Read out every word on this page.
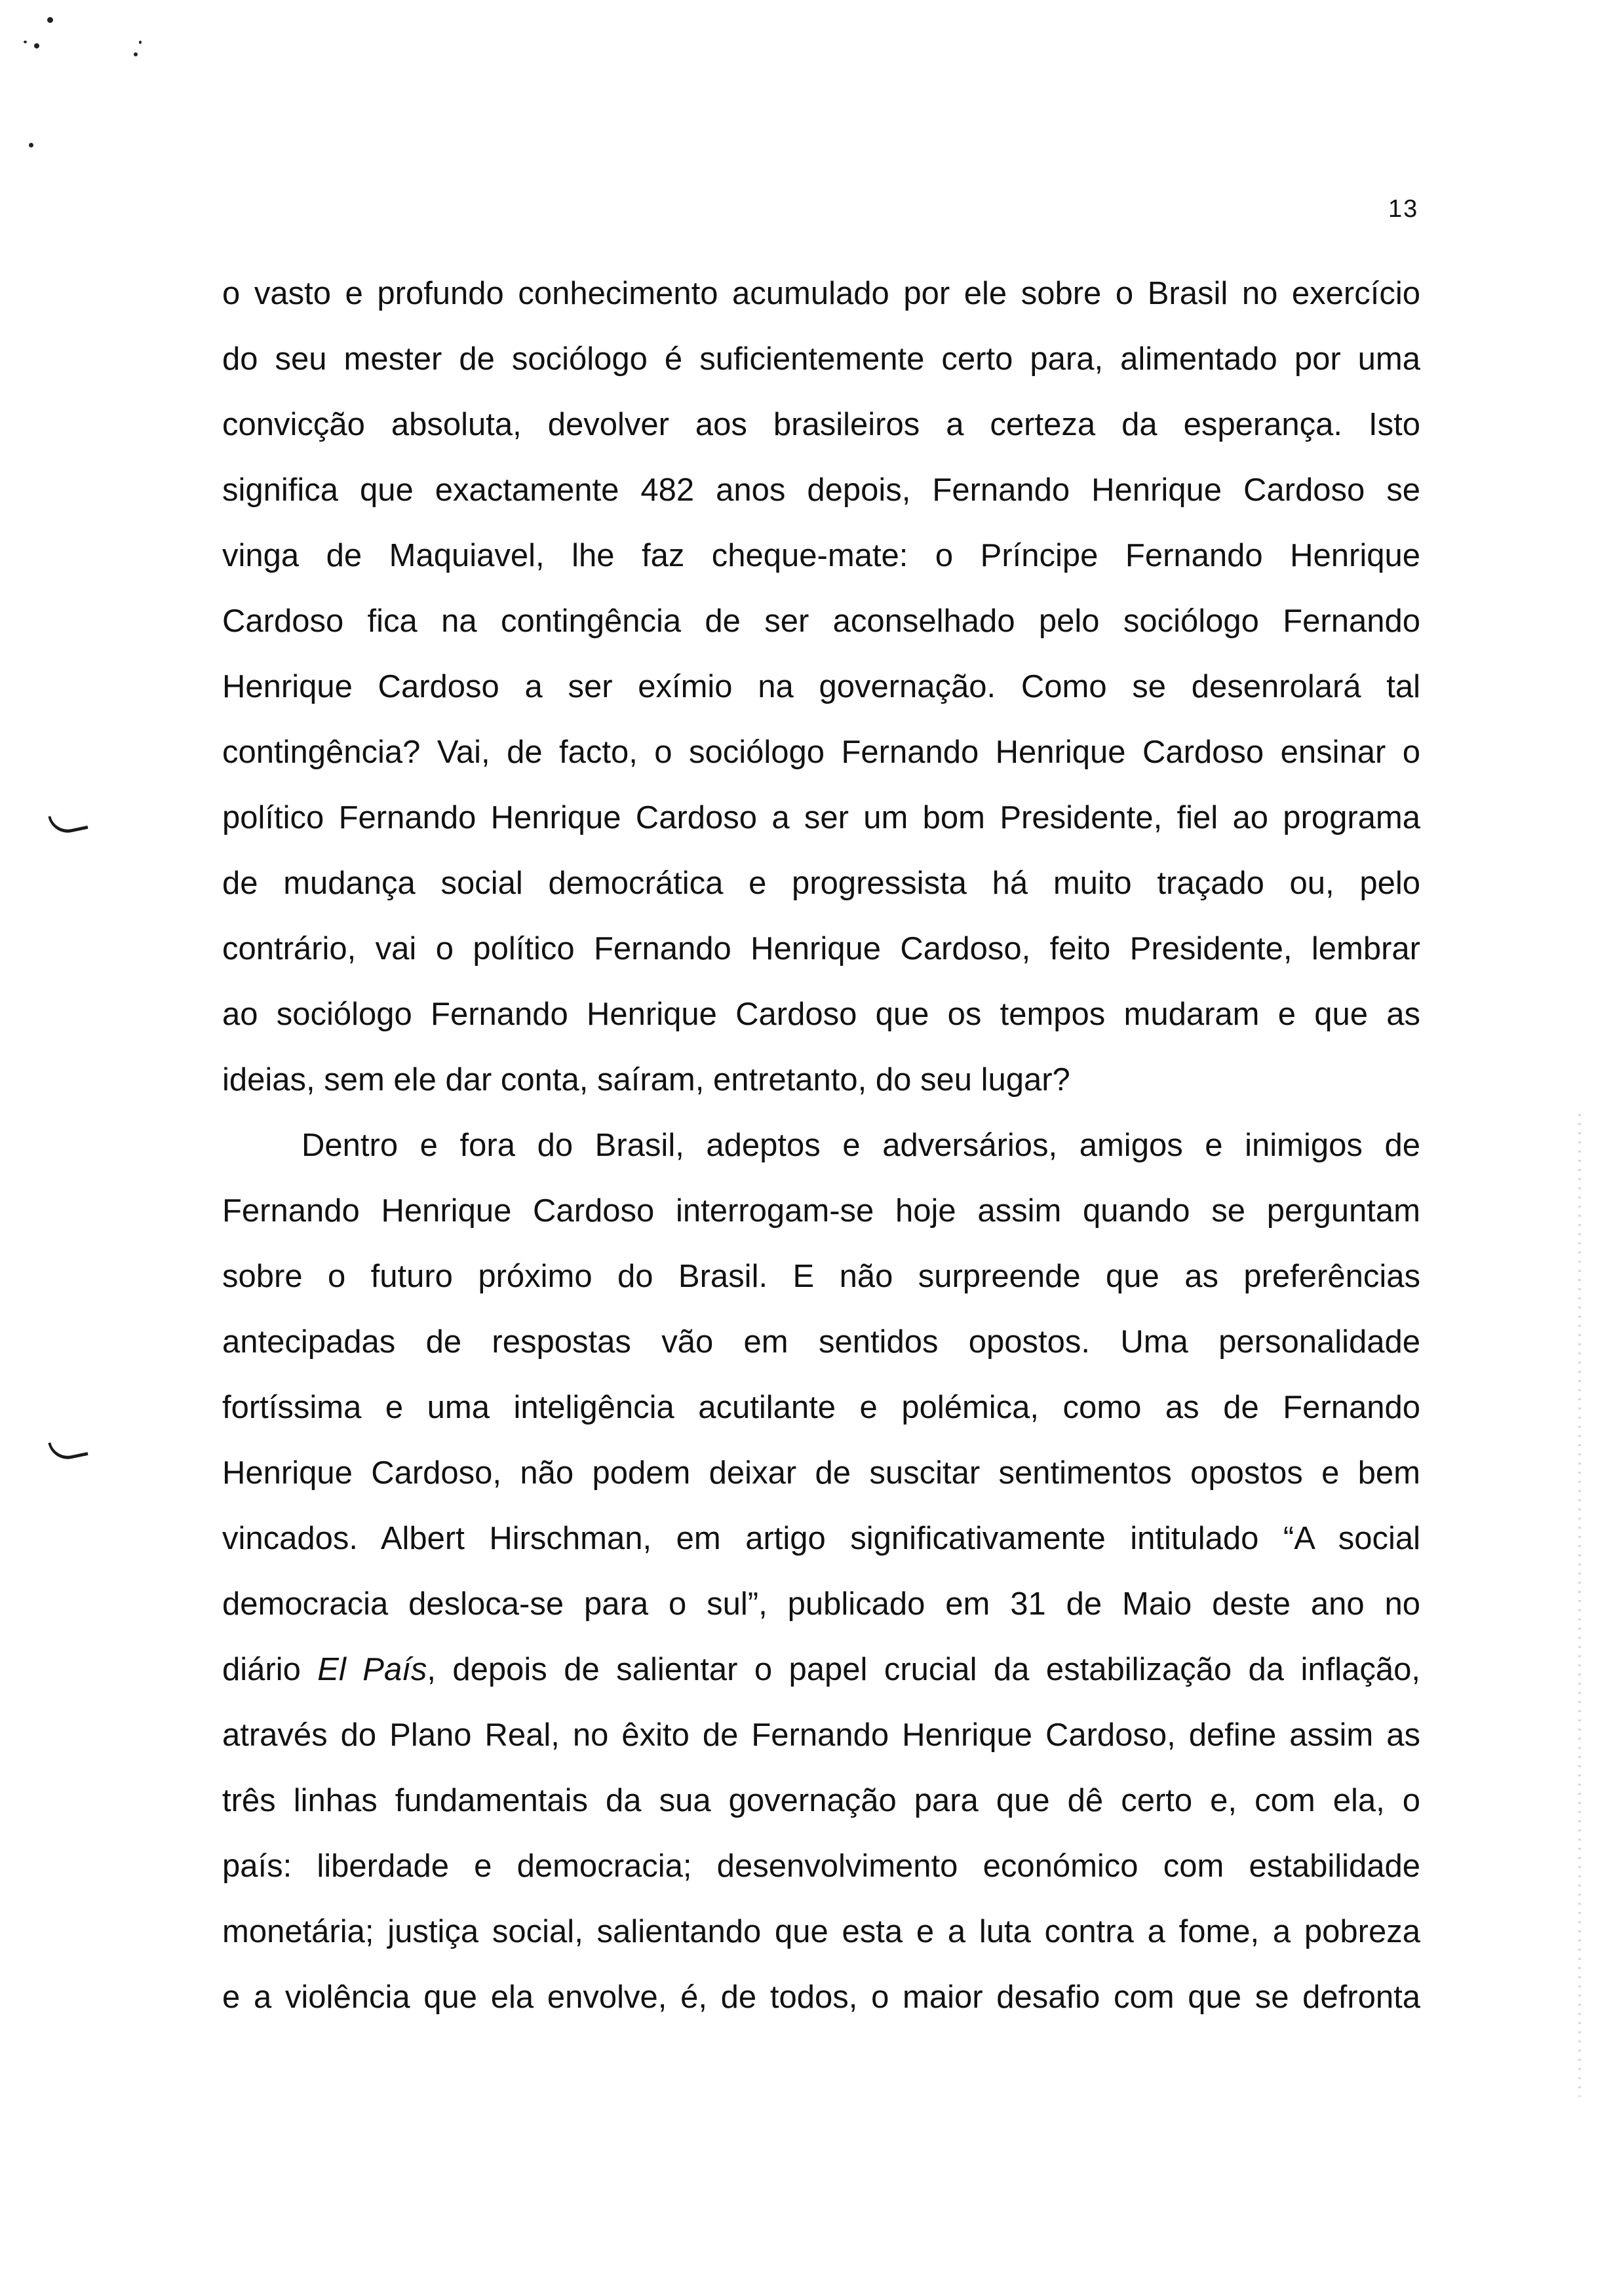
13
o vasto e profundo conhecimento acumulado por ele sobre o Brasil no exercício
do seu mester de sociólogo é suficientemente certo para, alimentado por uma
convicção absoluta, devolver aos brasileiros a certeza da esperança. Isto
significa que exactamente 482 anos depois, Fernando Henrique Cardoso se
vinga de Maquiavel, lhe faz cheque-mate: o Príncipe Fernando Henrique
Cardoso fica na contingência de ser aconselhado pelo sociólogo Fernando
Henrique Cardoso a ser exímio na governação. Como se desenrolará tal
contingência? Vai, de facto, o sociólogo Fernando Henrique Cardoso ensinar o
político Fernando Henrique Cardoso a ser um bom Presidente, fiel ao programa
de mudança social democrática e progressista há muito traçado ou, pelo
contrário, vai o político Fernando Henrique Cardoso, feito Presidente, lembrar
ao sociólogo Fernando Henrique Cardoso que os tempos mudaram e que as
ideias, sem ele dar conta, saíram, entretanto, do seu lugar?
Dentro e fora do Brasil, adeptos e adversários, amigos e inimigos de
Fernando Henrique Cardoso interrogam-se hoje assim quando se perguntam
sobre o futuro próximo do Brasil. E não surpreende que as preferências
antecipadas de respostas vão em sentidos opostos. Uma personalidade
fortíssima e uma inteligência acutilante e polémica, como as de Fernando
Henrique Cardoso, não podem deixar de suscitar sentimentos opostos e bem
vincados. Albert Hirschman, em artigo significativamente intitulado “A social
democracia desloca-se para o sul”, publicado em 31 de Maio deste ano no
diário El País, depois de salientar o papel crucial da estabilização da inflação,
através do Plano Real, no êxito de Fernando Henrique Cardoso, define assim as
três linhas fundamentais da sua governação para que dê certo e, com ela, o
país: liberdade e democracia; desenvolvimento económico com estabilidade
monetária; justiça social, salientando que esta e a luta contra a fome, a pobreza
e a violência que ela envolve, é, de todos, o maior desafio com que se defronta
